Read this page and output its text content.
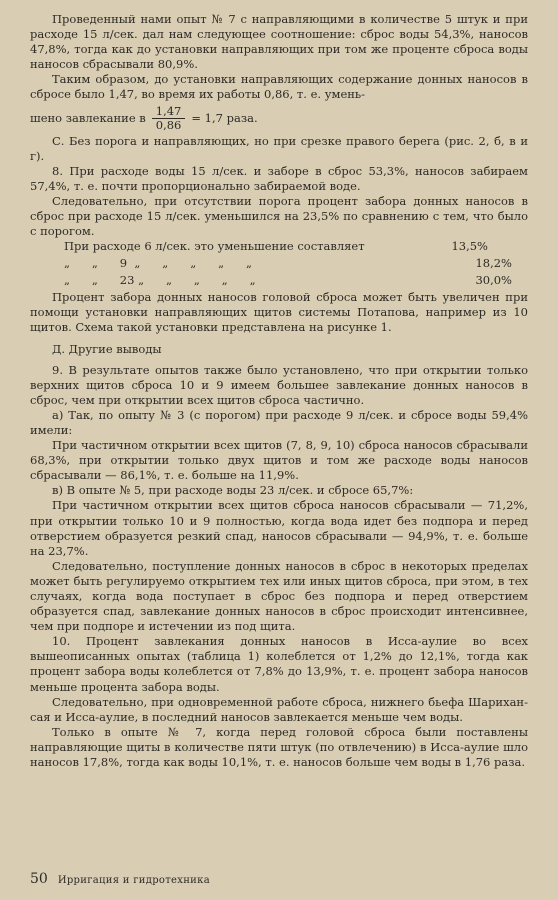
Проведенный нами опыт № 7 с направляющими в количестве 5 штук и при расходе 15 л/сек. дал нам следующее соотношение: сброс воды 54,3%, наносов 47,8%, тогда как до установки направляющих при том же проценте сброса воды наносов сбрасывали 80,9%.

Таким образом, до установки направляющих содержание донных наносов в сбросе было 1,47, во время их работы 0,86, т. е. умень-

шено завлекание в $\frac{1,47}{0,86} = 1,7$ раза.

С. Без порога и направляющих, но при срезке правого берега (рис. 2, б, в и г).

8. При расходе воды 15 л/сек. и заборе в сброс 53,3%, наносов забираем 57,4%, т. е. почти пропорционально забираемой воде.

Следовательно, при отсутствии порога процент забора донных наносов в сброс при расходе 15 л/сек. уменьшился на 23,5% по сравнению с тем, что было с порогом.

При расходе 6 л/сек. это уменьшение составляет	13,5%
„      „      9  „      „      „      „      „	18,2%
„      „      23 „      „      „      „      „	30,0%

Процент забора донных наносов головой сброса может быть увеличен при помощи установки направляющих щитов системы Потапова, например из 10 щитов. Схема такой установки представлена на рисунке 1.

Д. Другие выводы

9. В результате опытов также было установлено, что при открытии только верхних щитов сброса 10 и 9 имеем большее завлекание донных наносов в сброс, чем при открытии всех щитов сброса частично.

а) Так, по опыту № 3 (с порогом) при расходе 9 л/сек. и сбросе воды 59,4% имели:

При частичном открытии всех щитов (7, 8, 9, 10) сброса наносов сбрасывали 68,3%, при открытии только двух щитов и том же расходе воды наносов сбрасывали — 86,1%, т. е. больше на 11,9%.

в) В опыте № 5, при расходе воды 23 л/сек. и сбросе 65,7%:

При частичном открытии всех щитов сброса наносов сбрасывали — 71,2%, при открытии только 10 и 9 полностью, когда вода идет без подпора и перед отверстием образуется резкий спад, наносов сбрасывали — 94,9%, т. е. больше на 23,7%.

Следовательно, поступление донных наносов в сброс в некоторых пределах может быть регулируемо открытием тех или иных щитов сброса, при этом, в тех случаях, когда вода поступает в сброс без подпора и перед отверстием образуется спад, завлекание донных наносов в сброс происходит интенсивнее, чем при подпоре и истечении из под щита.

10. Процент завлекания донных наносов в Исса-аулие во всех вышеописанных опытах (таблица 1) колеблется от 1,2% до 12,1%, тогда как процент забора воды колеблется от 7,8% до 13,9%, т. е. процент забора наносов меньше процента забора воды.

Следовательно, при одновременной работе сброса, нижнего бьефа Шарихан-сая и Исса-аулие, в последний наносов завлекается меньше чем воды.

Только в опыте № 7, когда перед головой сброса были поставлены направляющие щиты в количестве пяти штук (по отвлечению) в Исса-аулие шло наносов 17,8%, тогда как воды 10,1%, т. е. наносов больше чем воды в 1,76 раза.

50 Ирригация и гидротехника
